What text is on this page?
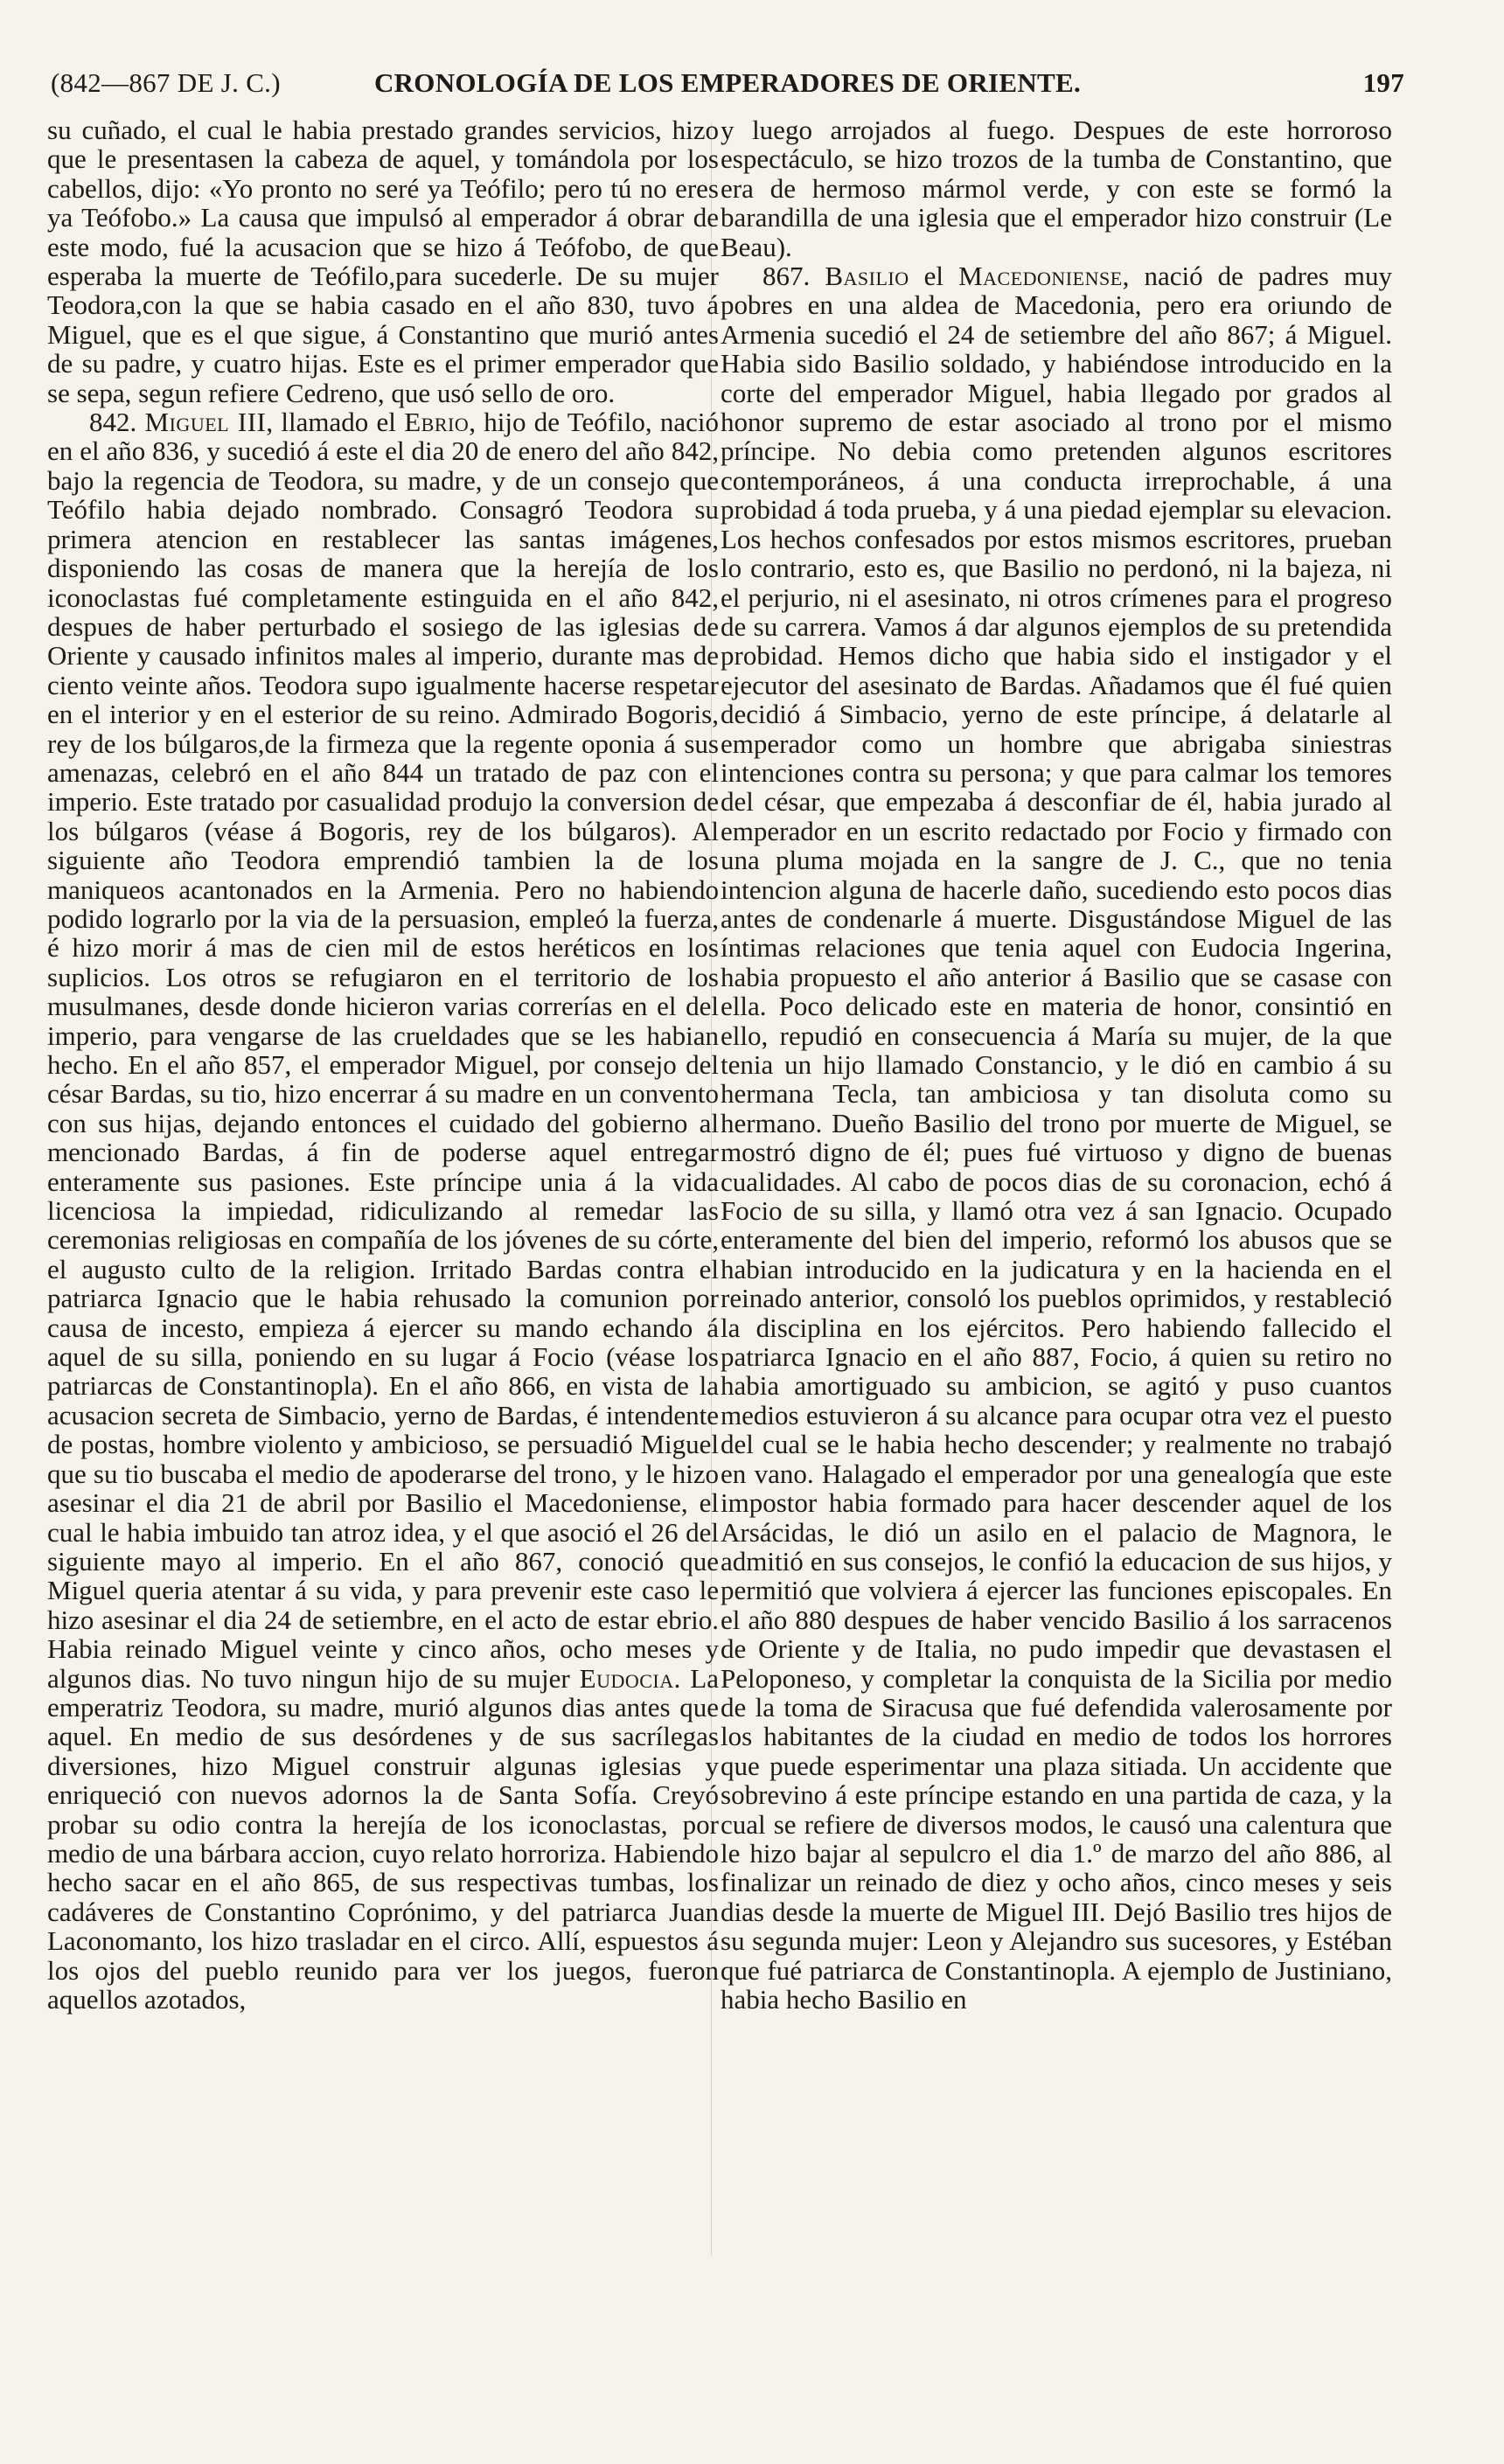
(842—867 DE J. C.)	CRONOLOGÍA DE LOS EMPERADORES DE ORIENTE.	197

su cuñado, el cual le habia prestado grandes servicios, hizo que le presentasen la cabeza de aquel, y tomándola por los cabellos, dijo: «Yo pronto no seré ya Teófilo; pero tú no eres ya Teófobo.» La causa que impulsó al emperador á obrar de este modo, fué la acusacion que se hizo á Teófobo, de que esperaba la muerte de Teófilo,para sucederle. De su mujer Teodora,con la que se habia casado en el año 830, tuvo á Miguel, que es el que sigue, á Constantino que murió antes de su padre, y cuatro hijas. Este es el primer emperador que se sepa, segun refiere Cedreno, que usó sello de oro.

842. Miguel III, llamado el Ebrio, hijo de Teófilo, nació en el año 836, y sucedió á este el dia 20 de enero del año 842, bajo la regencia de Teodora, su madre, y de un consejo que Teófilo habia dejado nombrado. Consagró Teodora su primera atencion en restablecer las santas imágenes, disponiendo las cosas de manera que la herejía de los iconoclastas fué completamente estinguida en el año 842, despues de haber perturbado el sosiego de las iglesias de Oriente y causado infinitos males al imperio, durante mas de ciento veinte años. Teodora supo igualmente hacerse respetar en el interior y en el esterior de su reino. Admirado Bogoris, rey de los búlgaros,de la firmeza que la regente oponia á sus amenazas, celebró en el año 844 un tratado de paz con el imperio. Este tratado por casualidad produjo la conversion de los búlgaros (véase á Bogoris, rey de los búlgaros). Al siguiente año Teodora emprendió tambien la de los maniqueos acantonados en la Armenia. Pero no habiendo podido lograrlo por la via de la persuasion, empleó la fuerza, é hizo morir á mas de cien mil de estos heréticos en los suplicios. Los otros se refugiaron en el territorio de los musulmanes, desde donde hicieron varias correrías en el del imperio, para vengarse de las crueldades que se les habian hecho. En el año 857, el emperador Miguel, por consejo del césar Bardas, su tio, hizo encerrar á su madre en un convento con sus hijas, dejando entonces el cuidado del gobierno al mencionado Bardas, á fin de poderse aquel entregar enteramente sus pasiones. Este príncipe unia á la vida licenciosa la impiedad, ridiculizando al remedar las ceremonias religiosas en compañía de los jóvenes de su córte, el augusto culto de la religion. Irritado Bardas contra el patriarca Ignacio que le habia rehusado la comunion por causa de incesto, empieza á ejercer su mando echando á aquel de su silla, poniendo en su lugar á Focio (véase los patriarcas de Constantinopla). En el año 866, en vista de la acusacion secreta de Simbacio, yerno de Bardas, é intendente de postas, hombre violento y ambicioso, se persuadió Miguel que su tio buscaba el medio de apoderarse del trono, y le hizo asesinar el dia 21 de abril por Basilio el Macedoniense, el cual le habia imbuido tan atroz idea, y el que asoció el 26 del siguiente mayo al imperio. En el año 867, conoció que Miguel queria atentar á su vida, y para prevenir este caso le hizo asesinar el dia 24 de setiembre, en el acto de estar ebrio. Habia reinado Miguel veinte y cinco años, ocho meses y algunos dias. No tuvo ningun hijo de su mujer Eudocia. La emperatriz Teodora, su madre, murió algunos dias antes que aquel. En medio de sus desórdenes y de sus sacrílegas diversiones, hizo Miguel construir algunas iglesias y enriqueció con nuevos adornos la de Santa Sofía. Creyó probar su odio contra la herejía de los iconoclastas, por medio de una bárbara accion, cuyo relato horroriza. Habiendo hecho sacar en el año 865, de sus respectivas tumbas, los cadáveres de Constantino Coprónimo, y del patriarca Juan Laconomanto, los hizo trasladar en el circo. Allí, espuestos á los ojos del pueblo reunido para ver los juegos, fueron aquellos azotados,

y luego arrojados al fuego. Despues de este horroroso espectáculo, se hizo trozos de la tumba de Constantino, que era de hermoso mármol verde, y con este se formó la barandilla de una iglesia que el emperador hizo construir (Le Beau).

867. Basilio el Macedoniense, nació de padres muy pobres en una aldea de Macedonia, pero era oriundo de Armenia sucedió el 24 de setiembre del año 867; á Miguel. Habia sido Basilio soldado, y habiéndose introducido en la corte del emperador Miguel, habia llegado por grados al honor supremo de estar asociado al trono por el mismo príncipe. No debia como pretenden algunos escritores contemporáneos, á una conducta irreprochable, á una probidad á toda prueba, y á una piedad ejemplar su elevacion. Los hechos confesados por estos mismos escritores, prueban lo contrario, esto es, que Basilio no perdonó, ni la bajeza, ni el perjurio, ni el asesinato, ni otros crímenes para el progreso de su carrera. Vamos á dar algunos ejemplos de su pretendida probidad. Hemos dicho que habia sido el instigador y el ejecutor del asesinato de Bardas. Añadamos que él fué quien decidió á Simbacio, yerno de este príncipe, á delatarle al emperador como un hombre que abrigaba siniestras intenciones contra su persona; y que para calmar los temores del césar, que empezaba á desconfiar de él, habia jurado al emperador en un escrito redactado por Focio y firmado con una pluma mojada en la sangre de J. C., que no tenia intencion alguna de hacerle daño, sucediendo esto pocos dias antes de condenarle á muerte. Disgustándose Miguel de las íntimas relaciones que tenia aquel con Eudocia Ingerina, habia propuesto el año anterior á Basilio que se casase con ella. Poco delicado este en materia de honor, consintió en ello, repudió en consecuencia á María su mujer, de la que tenia un hijo llamado Constancio, y le dió en cambio á su hermana Tecla, tan ambiciosa y tan disoluta como su hermano. Dueño Basilio del trono por muerte de Miguel, se mostró digno de él; pues fué virtuoso y digno de buenas cualidades. Al cabo de pocos dias de su coronacion, echó á Focio de su silla, y llamó otra vez á san Ignacio. Ocupado enteramente del bien del imperio, reformó los abusos que se habian introducido en la judicatura y en la hacienda en el reinado anterior, consoló los pueblos oprimidos, y restableció la disciplina en los ejércitos. Pero habiendo fallecido el patriarca Ignacio en el año 887, Focio, á quien su retiro no habia amortiguado su ambicion, se agitó y puso cuantos medios estuvieron á su alcance para ocupar otra vez el puesto del cual se le habia hecho descender; y realmente no trabajó en vano. Halagado el emperador por una genealogía que este impostor habia formado para hacer descender aquel de los Arsácidas, le dió un asilo en el palacio de Magnora, le admitió en sus consejos, le confió la educacion de sus hijos, y permitió que volviera á ejercer las funciones episcopales. En el año 880 despues de haber vencido Basilio á los sarracenos de Oriente y de Italia, no pudo impedir que devastasen el Peloponeso, y completar la conquista de la Sicilia por medio de la toma de Siracusa que fué defendida valerosamente por los habitantes de la ciudad en medio de todos los horrores que puede esperimentar una plaza sitiada. Un accidente que sobrevino á este príncipe estando en una partida de caza, y la cual se refiere de diversos modos, le causó una calentura que le hizo bajar al sepulcro el dia 1.º de marzo del año 886, al finalizar un reinado de diez y ocho años, cinco meses y seis dias desde la muerte de Miguel III. Dejó Basilio tres hijos de su segunda mujer: Leon y Alejandro sus sucesores, y Estéban que fué patriarca de Constantinopla. A ejemplo de Justiniano, habia hecho Basilio en
